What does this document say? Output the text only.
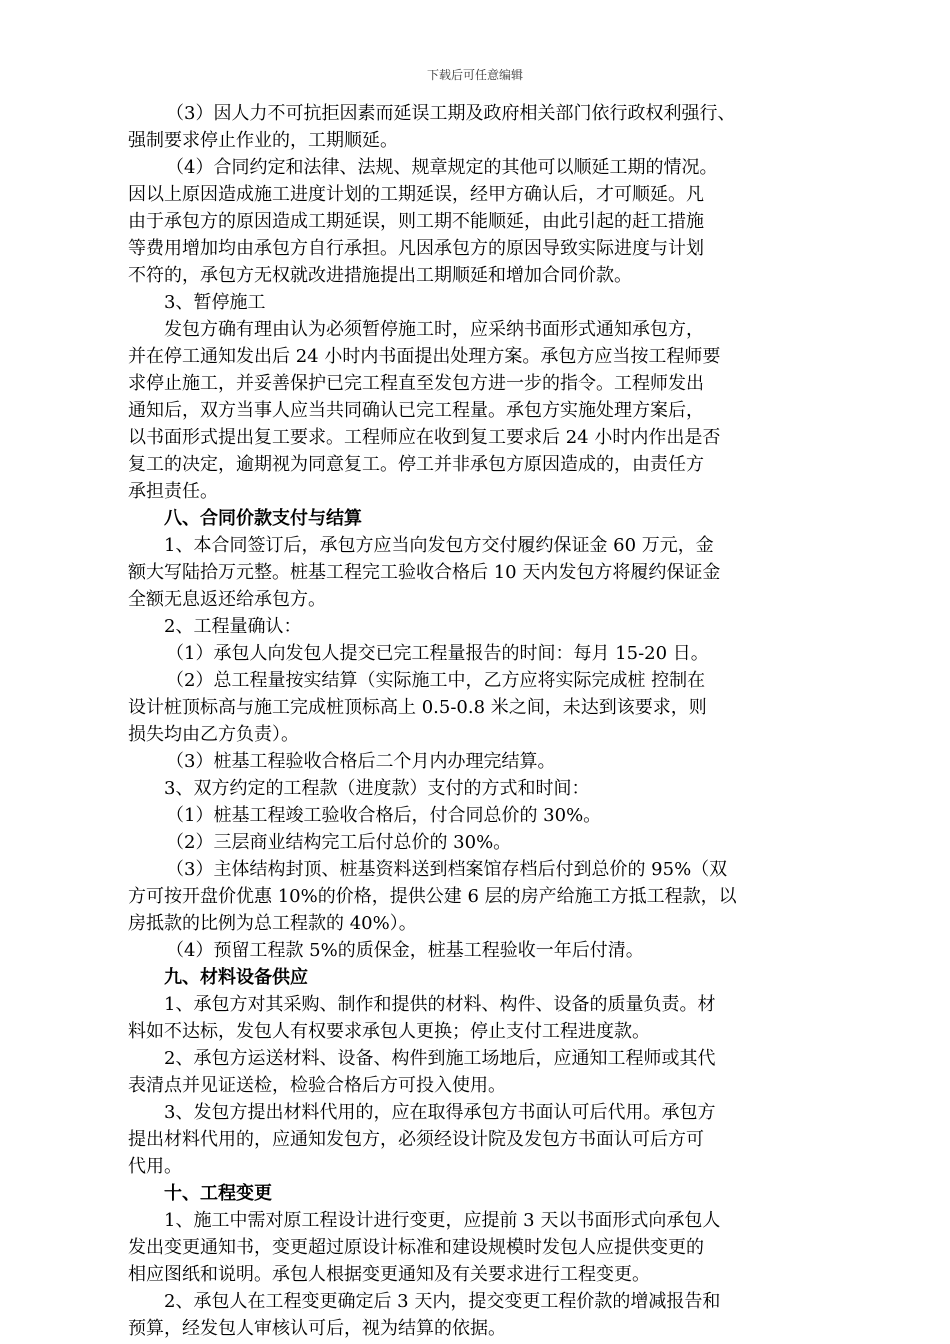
下载后可任意编辑
（3）因人力不可抗拒因素而延误工期及政府相关部门依行政权利强行、
强制要求停止作业的，工期顺延。
（4）合同约定和法律、法规、规章规定的其他可以顺延工期的情况。
因以上原因造成施工进度计划的工期延误，经甲方确认后，才可顺延。凡
由于承包方的原因造成工期延误，则工期不能顺延，由此引起的赶工措施
等费用增加均由承包方自行承担。凡因承包方的原因导致实际进度与计划
不符的，承包方无权就改进措施提出工期顺延和增加合同价款。
3、暂停施工
发包方确有理由认为必须暂停施工时，应采纳书面形式通知承包方，
并在停工通知发出后 24 小时内书面提出处理方案。承包方应当按工程师要
求停止施工，并妥善保护已完工程直至发包方进一步的指令。工程师发出
通知后，双方当事人应当共同确认已完工程量。承包方实施处理方案后，
以书面形式提出复工要求。工程师应在收到复工要求后 24 小时内作出是否
复工的决定，逾期视为同意复工。停工并非承包方原因造成的，由责任方
承担责任。
八、合同价款支付与结算
1、本合同签订后，承包方应当向发包方交付履约保证金 60 万元，金
额大写陆拾万元整。桩基工程完工验收合格后 10 天内发包方将履约保证金
全额无息返还给承包方。
2、工程量确认：
（1）承包人向发包人提交已完工程量报告的时间：每月 15-20 日。
（2）总工程量按实结算（实际施工中，乙方应将实际完成桩 控制在
设计桩顶标高与施工完成桩顶标高上 0.5-0.8 米之间，未达到该要求，则
损失均由乙方负责）。
（3）桩基工程验收合格后二个月内办理完结算。
3、双方约定的工程款（进度款）支付的方式和时间：
（1）桩基工程竣工验收合格后，付合同总价的 30%。
（2）三层商业结构完工后付总价的 30%。
（3）主体结构封顶、桩基资料送到档案馆存档后付到总价的 95%（双
方可按开盘价优惠 10%的价格，提供公建 6 层的房产给施工方抵工程款，以
房抵款的比例为总工程款的 40%）。
（4）预留工程款 5%的质保金，桩基工程验收一年后付清。
九、材料设备供应
1、承包方对其采购、制作和提供的材料、构件、设备的质量负责。材
料如不达标，发包人有权要求承包人更换；停止支付工程进度款。
2、承包方运送材料、设备、构件到施工场地后，应通知工程师或其代
表清点并见证送检，检验合格后方可投入使用。
3、发包方提出材料代用的，应在取得承包方书面认可后代用。承包方
提出材料代用的，应通知发包方，必须经设计院及发包方书面认可后方可
代用。
十、工程变更
1、施工中需对原工程设计进行变更，应提前 3 天以书面形式向承包人
发出变更通知书，变更超过原设计标准和建设规模时发包人应提供变更的
相应图纸和说明。承包人根据变更通知及有关要求进行工程变更。
2、承包人在工程变更确定后 3 天内，提交变更工程价款的增减报告和
预算，经发包人审核认可后，视为结算的依据。
